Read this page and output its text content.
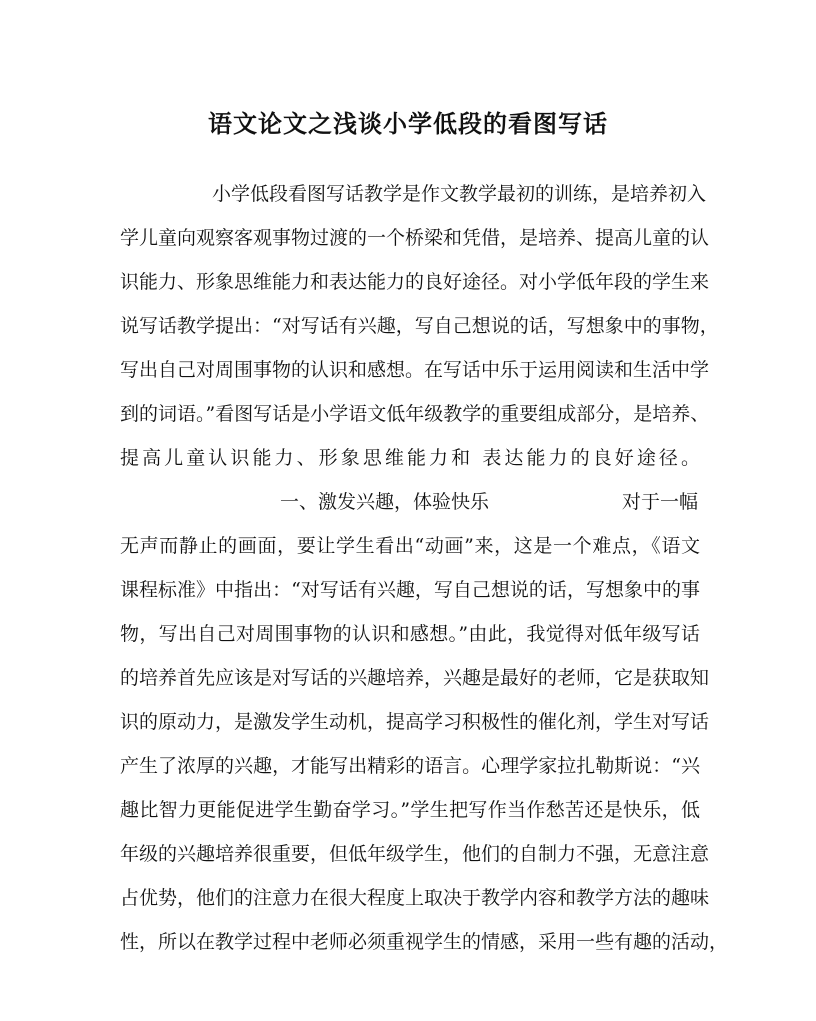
语文论文之浅谈小学低段的看图写话

小学低段看图写话教学是作文教学最初的训练，是培养初入

学儿童向观察客观事物过渡的一个桥梁和凭借，是培养、提高儿童的认

识能力、形象思维能力和表达能力的良好途径。对小学低年段的学生来

说写话教学提出：“对写话有兴趣，写自己想说的话，写想象中的事物，

写出自己对周围事物的认识和感想。在写话中乐于运用阅读和生活中学

到的词语。”看图写话是小学语文低年级教学的重要组成部分，是培养、

提高儿童认识能力、形象思维能力和 表达能力的良好途径。

一、激发兴趣，体验快乐	对于一幅

无声而静止的画面，要让学生看出“动画”来，这是一个难点，《语文

课程标准》中指出：“对写话有兴趣，写自己想说的话，写想象中的事

物，写出自己对周围事物的认识和感想。”由此，我觉得对低年级写话

的培养首先应该是对写话的兴趣培养，兴趣是最好的老师，它是获取知

识的原动力，是激发学生动机，提高学习积极性的催化剂，学生对写话

产生了浓厚的兴趣，才能写出精彩的语言。心理学家拉扎勒斯说：“兴

趣比智力更能促进学生勤奋学习。”学生把写作当作愁苦还是快乐，低

年级的兴趣培养很重要，但低年级学生，他们的自制力不强，无意注意

占优势，他们的注意力在很大程度上取决于教学内容和教学方法的趣味

性，所以在教学过程中老师必须重视学生的情感，采用一些有趣的活动，
